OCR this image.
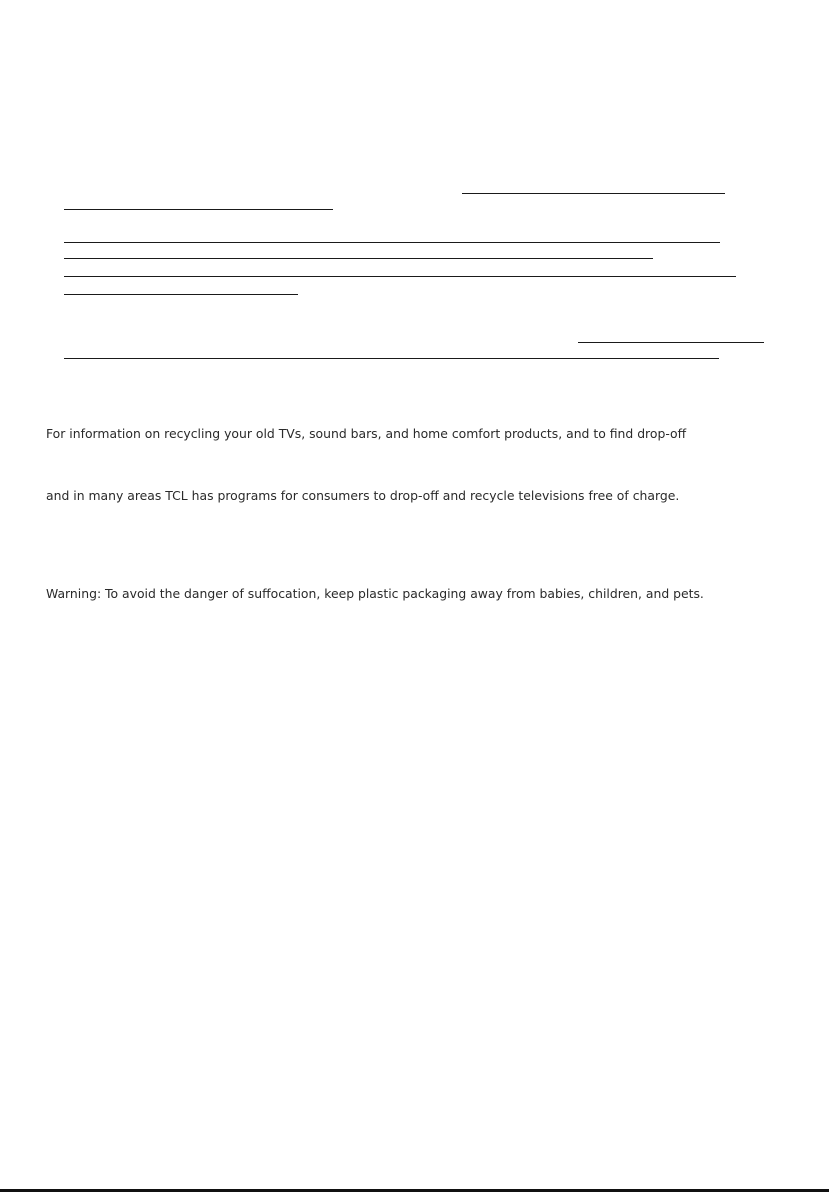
For information on recycling your old TVs, sound bars, and home comfort products, and to find drop-off

and in many areas TCL has programs for consumers to drop-off and recycle televisions free of charge.

Warning: To avoid the danger of suffocation, keep plastic packaging away from babies, children, and pets.
